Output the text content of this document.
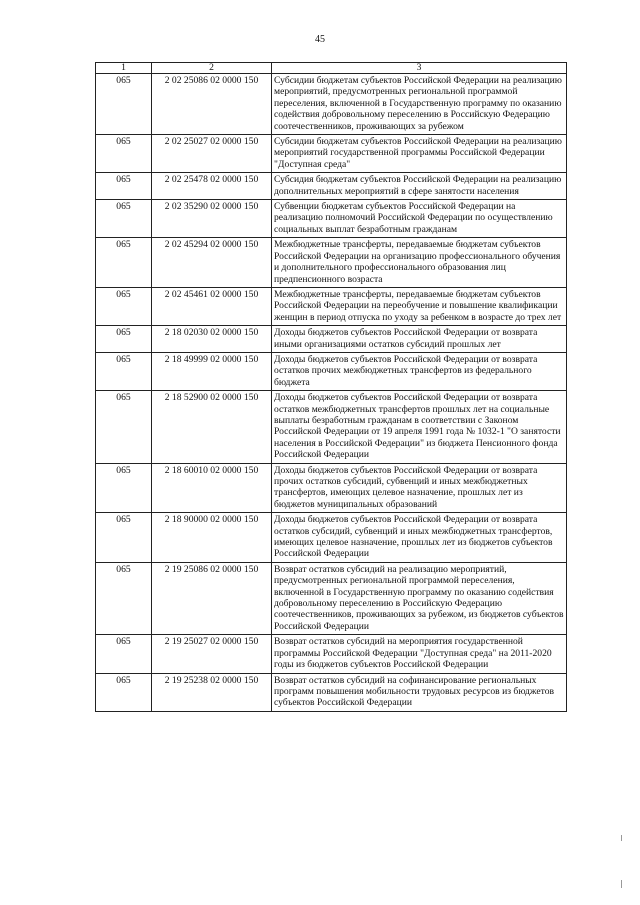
45
1	2	3
065	2 02 25086 02 0000 150	Субсидии бюджетам субъектов Российской Федерации на реализацию мероприятий, предусмотренных региональной программой переселения, включенной в Государственную программу по оказанию содействия добровольному переселению в Российскую Федерацию соотечественников, проживающих за рубежом
065	2 02 25027 02 0000 150	Субсидии бюджетам субъектов Российской Федерации на реализацию мероприятий государственной программы Российской Федерации "Доступная среда"
065	2 02 25478 02 0000 150	Субсидия бюджетам субъектов Российской Федерации на реализацию дополнительных мероприятий в сфере занятости населения
065	2 02 35290 02 0000 150	Субвенции бюджетам субъектов Российской Федерации на реализацию полномочий Российской Федерации по осуществлению социальных выплат безработным гражданам
065	2 02 45294 02 0000 150	Межбюджетные трансферты, передаваемые бюджетам субъектов Российской Федерации на организацию профессионального обучения и дополнительного профессионального образования лиц предпенсионного возраста
065	2 02 45461 02 0000 150	Межбюджетные трансферты, передаваемые бюджетам субъектов Российской Федерации на переобучение и повышение квалификации женщин в период отпуска по уходу за ребенком в возрасте до трех лет
065	2 18 02030 02 0000 150	Доходы бюджетов субъектов Российской Федерации от возврата иными организациями остатков субсидий прошлых лет
065	2 18 49999 02 0000 150	Доходы бюджетов субъектов Российской Федерации от возврата остатков прочих межбюджетных трансфертов из федерального бюджета
065	2 18 52900 02 0000 150	Доходы бюджетов субъектов Российской Федерации от возврата остатков межбюджетных трансфертов прошлых лет на социальные выплаты безработным гражданам в соответствии с Законом Российской Федерации от 19 апреля 1991 года № 1032-1 "О занятости населения в Российской Федерации" из бюджета Пенсионного фонда Российской Федерации
065	2 18 60010 02 0000 150	Доходы бюджетов субъектов Российской Федерации от возврата прочих остатков субсидий, субвенций и иных межбюджетных трансфертов, имеющих целевое назначение, прошлых лет из бюджетов муниципальных образований
065	2 18 90000 02 0000 150	Доходы бюджетов субъектов Российской Федерации от возврата остатков субсидий, субвенций и иных межбюджетных трансфертов, имеющих целевое назначение, прошлых лет из бюджетов субъектов Российской Федерации
065	2 19 25086 02 0000 150	Возврат остатков субсидий на реализацию мероприятий, предусмотренных региональной программой переселения, включенной в Государственную программу по оказанию содействия добровольному переселению в Российскую Федерацию соотечественников, проживающих за рубежом, из бюджетов субъектов Российской Федерации
065	2 19 25027 02 0000 150	Возврат остатков субсидий на мероприятия государственной программы Российской Федерации "Доступная среда" на 2011-2020 годы из бюджетов субъектов Российской Федерации
065	2 19 25238 02 0000 150	Возврат остатков субсидий на софинансирование региональных программ повышения мобильности трудовых ресурсов из бюджетов субъектов Российской Федерации
